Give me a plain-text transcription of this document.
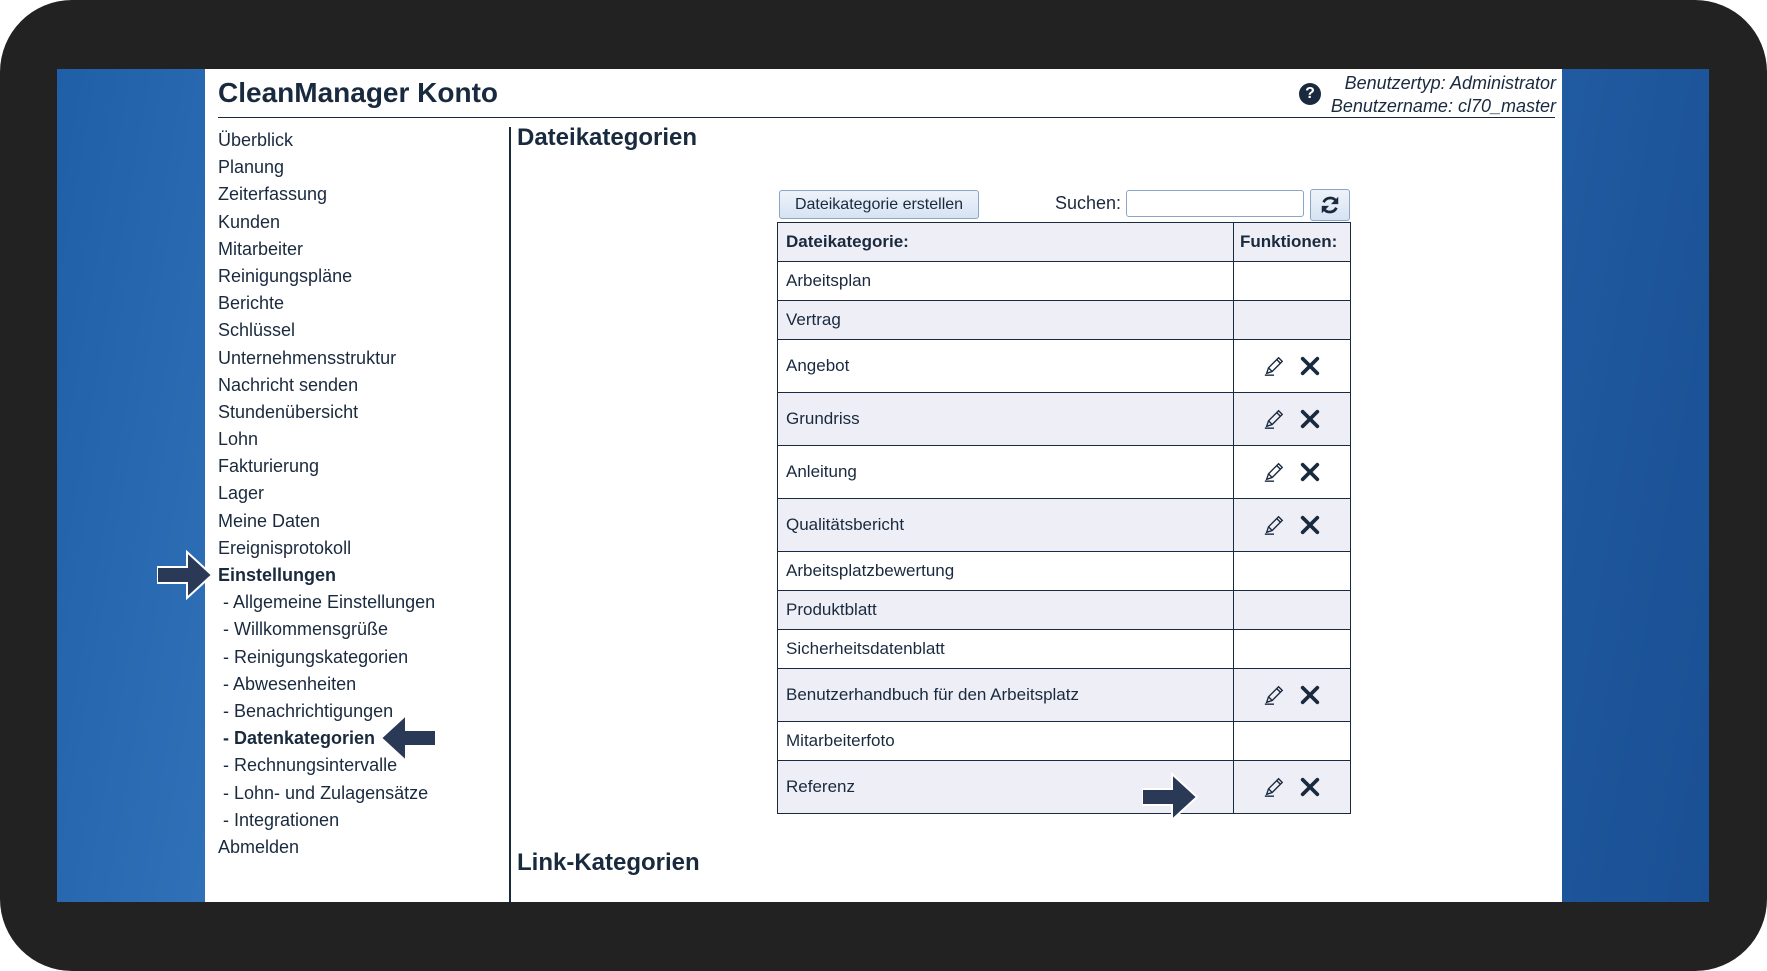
CleanManager Konto	?
Benutzertyp: Administrator
Benutzername: cl70_master
Überblick
Planung
Zeiterfassung
Kunden
Mitarbeiter
Reinigungspläne
Berichte
Schlüssel
Unternehmensstruktur
Nachricht senden
Stundenübersicht
Lohn
Fakturierung
Lager
Meine Daten
Ereignisprotokoll
Einstellungen
- Allgemeine Einstellungen
- Willkommensgrüße
- Reinigungskategorien
- Abwesenheiten
- Benachrichtigungen
- Datenkategorien
- Rechnungsintervalle
- Lohn- und Zulagensätze
- Integrationen
Abmelden
Dateikategorien
Dateikategorie erstellen	Suchen:
Dateikategorie:	Funktionen:
Arbeitsplan	
Vertrag	
Angebot	

Grundriss	

Anleitung	

Qualitätsbericht	

Arbeitsplatzbewertung	
Produktblatt	
Sicherheitsdatenblatt	
Benutzerhandbuch für den Arbeitsplatz	

Mitarbeiterfoto	
Referenz	
Link-Kategorien
